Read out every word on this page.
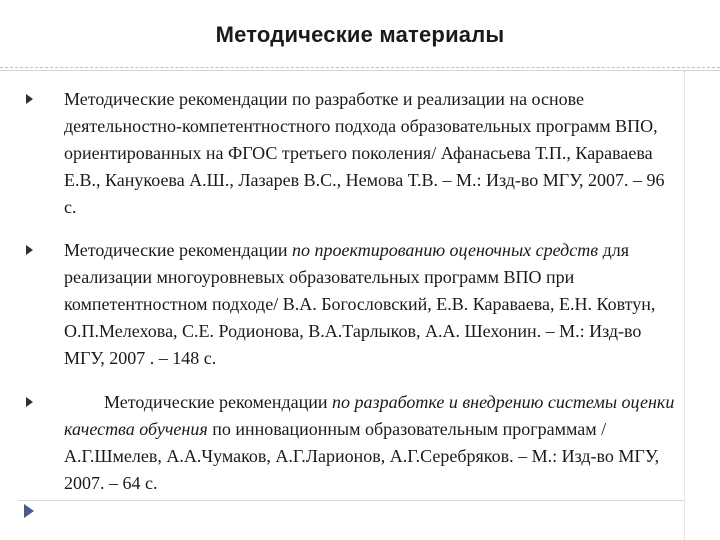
Методические материалы
Методические рекомендации по разработке и реализации на основе деятельностно-компетентностного подхода образовательных программ ВПО, ориентированных на ФГОС третьего поколения/ Афанасьева Т.П., Караваева Е.В., Канукоева А.Ш., Лазарев В.С., Немова Т.В. – М.: Изд-во МГУ, 2007. – 96 с.
Методические рекомендации по проектированию оценочных средств для реализации многоуровневых образовательных программ ВПО при компетентностном подходе/ В.А. Богословский, Е.В. Караваева, Е.Н. Ковтун, О.П.Мелехова, С.Е. Родионова, В.А.Тарлыков, А.А. Шехонин. – М.: Изд-во МГУ, 2007 . – 148 с.
Методические рекомендации по разработке и внедрению системы оценки качества обучения по инновационным образовательным программам / А.Г.Шмелев, А.А.Чумаков, А.Г.Ларионов, А.Г.Серебряков. – М.: Изд-во МГУ, 2007. – 64 с.
